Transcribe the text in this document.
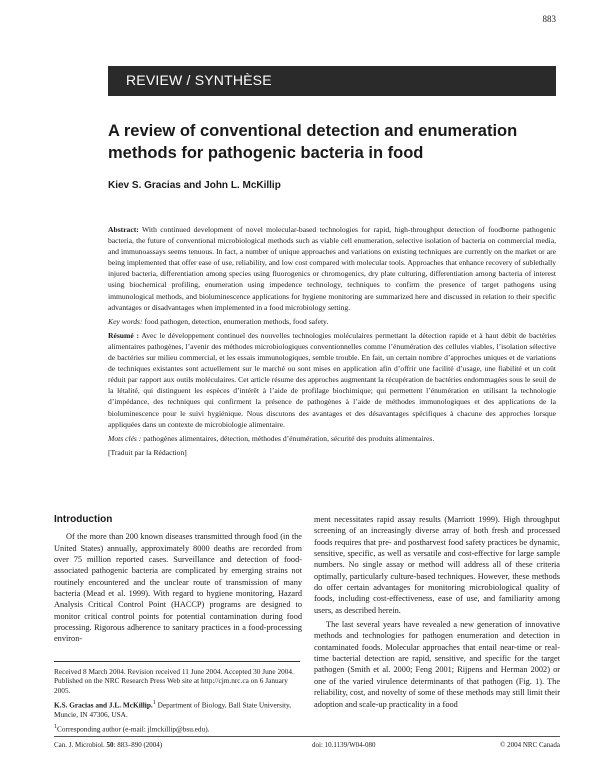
883
REVIEW / SYNTHÈSE
A review of conventional detection and enumeration
methods for pathogenic bacteria in food
Kiev S. Gracias and John L. McKillip

Abstract: With continued development of novel molecular-based technologies for rapid, high-throughput detection of foodborne pathogenic bacteria, the future of conventional microbiological methods such as viable cell enumeration, selective isolation of bacteria on commercial media, and immunoassays seems tenuous. In fact, a number of unique approaches and variations on existing techniques are currently on the market or are being implemented that offer ease of use, reliability, and low cost compared with molecular tools. Approaches that enhance recovery of sublethally injured bacteria, differentiation among species using fluorogenics or chromogenics, dry plate culturing, differentiation among bacteria of interest using biochemical profiling, enumeration using impedence technology, techniques to confirm the presence of target pathogens using immunological methods, and bioluminescence applications for hygiene monitoring are summarized here and discussed in relation to their specific advantages or disadvantages when implemented in a food microbiology setting.

Key words: food pathogen, detection, enumeration methods, food safety.

Résumé : Avec le développement continuel des nouvelles technologies moléculaires permettant la détection rapide et à haut débit de bactéries alimentaires pathogènes, l’avenir des méthodes microbiologiques conventionnelles comme l’énumération des cellules viables, l’isolation sélective de bactéries sur milieu commercial, et les essais immunologiques, semble trouble. En fait, un certain nombre d’approches uniques et de variations de techniques existantes sont actuellement sur le marché ou sont mises en application afin d’offrir une facilité d’usage, une fiabilité et un coût réduit par rapport aux outils moléculaires. Cet article résume des approches augmentant la récupération de bactéries endommagées sous le seuil de la létalité, qui distinguent les espèces d’intérêt à l’aide de profilage biochimique; qui permettent l’énumération en utilisant la technologie d’impédance, des techniques qui confirment la présence de pathogènes à l’aide de méthodes immunologiques et des applications de la bioluminescence pour le suivi hygiénique. Nous discutons des avantages et des désavantages spécifiques à chacune des approches lorsque appliquées dans un contexte de microbiologie alimentaire.

Mots clés : pathogènes alimentaires, détection, méthodes d’énumération, sécurité des produits alimentaires.

[Traduit par la Rédaction]

Introduction

Of the more than 200 known diseases transmitted through food (in the United States) annually, approximately 8000 deaths are recorded from over 75 million reported cases. Surveillance and detection of food-associated pathogenic bacteria are complicated by emerging strains not routinely encountered and the unclear route of transmission of many bacteria (Mead et al. 1999). With regard to hygiene monitoring, Hazard Analysis Critical Control Point (HACCP) programs are designed to monitor critical control points for potential contamination during food processing. Rigorous adherence to sanitary practices in a food-processing environ-

ment necessitates rapid assay results (Marriott 1999). High throughput screening of an increasingly diverse array of both fresh and processed foods requires that pre- and postharvest food safety practices be dynamic, sensitive, specific, as well as versatile and cost-effective for large sample numbers. No single assay or method will address all of these criteria optimally, particularly culture-based techniques. However, these methods do offer certain advantages for monitoring microbiological quality of foods, including cost-effectiveness, ease of use, and familiarity among users, as described herein.

The last several years have revealed a new generation of innovative methods and technologies for pathogen enumeration and detection in contaminated foods. Molecular approaches that entail near-time or real-time bacterial detection are rapid, sensitive, and specific for the target pathogen (Smith et al. 2000; Feng 2001; Rijpens and Herman 2002) or one of the varied virulence determinants of that pathogen (Fig. 1). The reliability, cost, and novelty of some of these methods may still limit their adoption and scale-up practicality in a food

Received 8 March 2004. Revision received 11 June 2004. Accepted 30 June 2004. Published on the NRC Research Press Web site at http://cjm.nrc.ca on 6 January 2005.

K.S. Gracias and J.L. McKillip.$^1$ Department of Biology, Ball State University, Muncie, IN 47306, USA.

$^1$Corresponding author (e-mail: jlmckillip@bsu.edu).

Can. J. Microbiol. 50: 883–890 (2004)	doi: 10.1139/W04-080	© 2004 NRC Canada
